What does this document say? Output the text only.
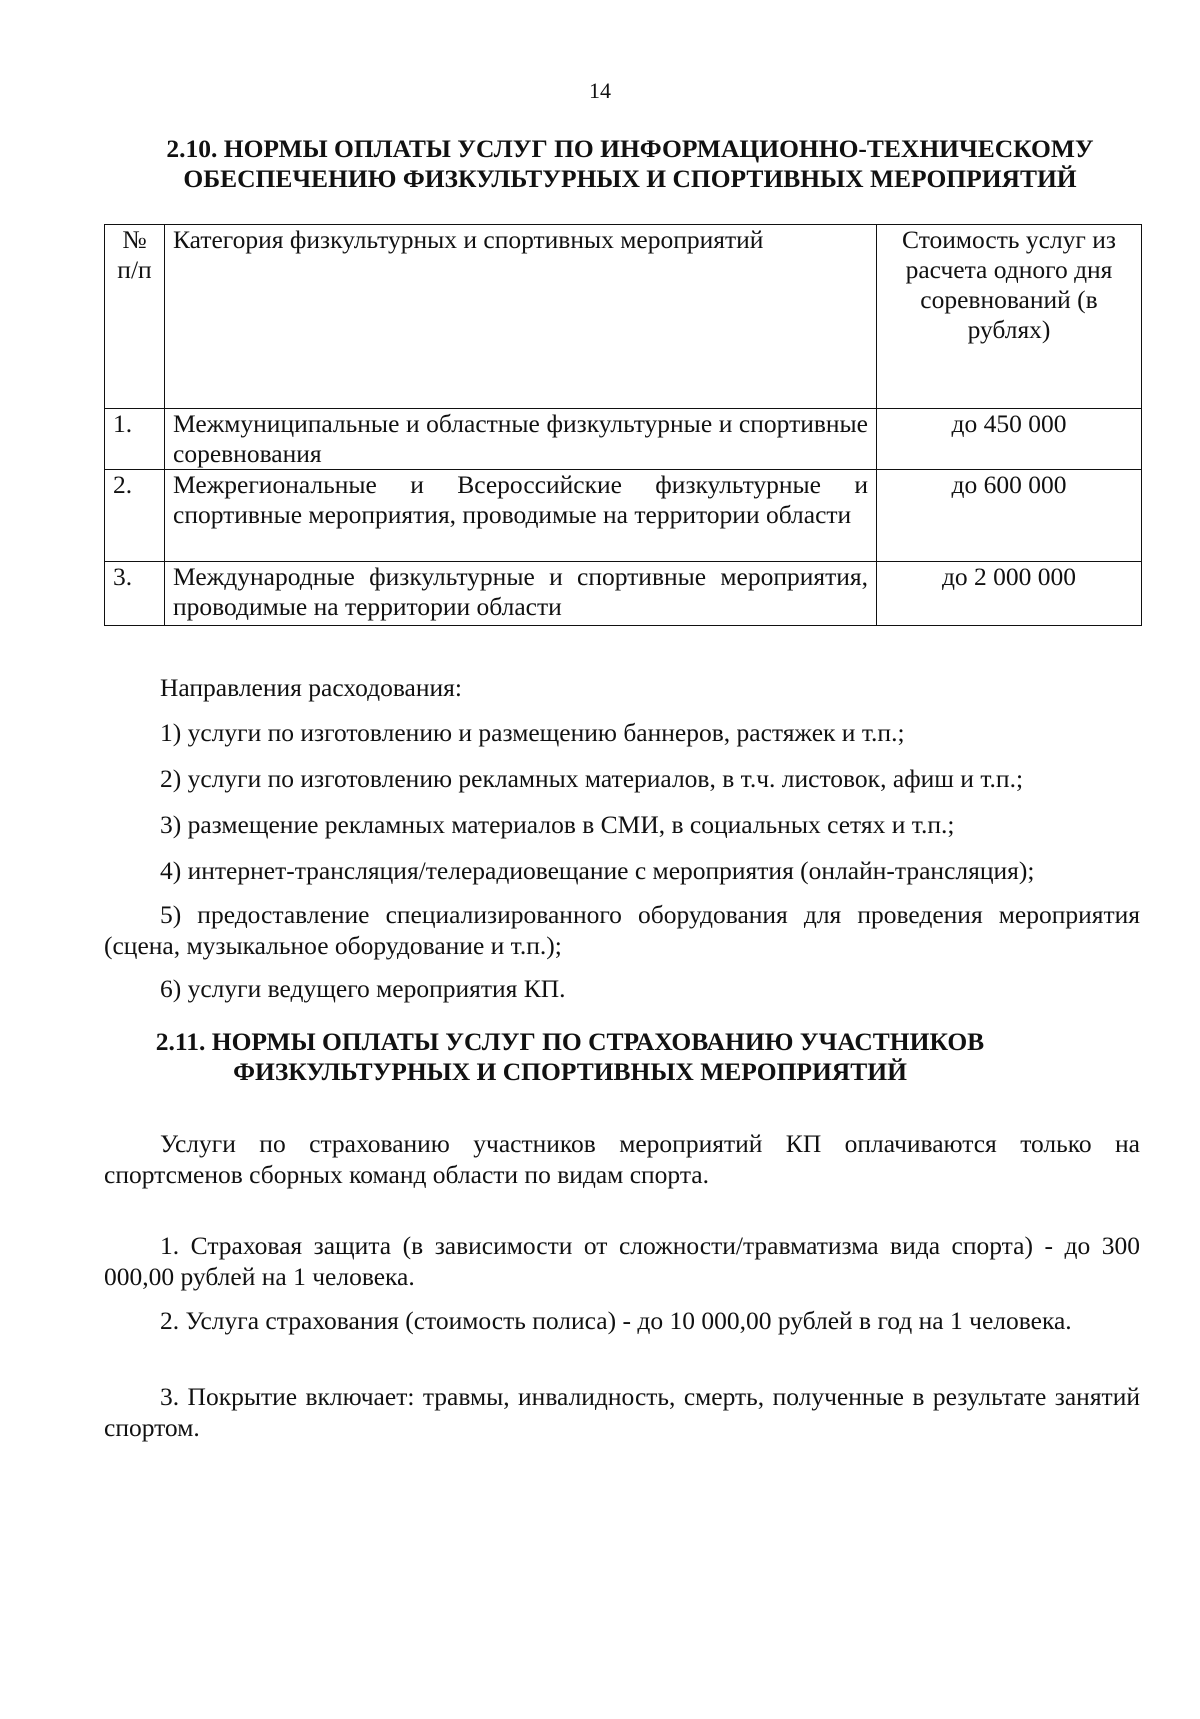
14
2.10. НОРМЫ ОПЛАТЫ УСЛУГ ПО ИНФОРМАЦИОННО-ТЕХНИЧЕСКОМУ
ОБЕСПЕЧЕНИЮ ФИЗКУЛЬТУРНЫХ И СПОРТИВНЫХ МЕРОПРИЯТИЙ
№ п/п	Категория физкультурных и спортивных мероприятий	Стоимость услуг из расчета одного дня соревнований (в рублях)
1.	Межмуниципальные и областные физкультурные и спортивные соревнования	до 450 000
2.	Межрегиональные и Всероссийские физкультурные и спортивные мероприятия, проводимые на территории области	до 600 000
3.	Международные физкультурные и спортивные мероприятия, проводимые на территории области	до 2 000 000
Направления расходования:
1) услуги по изготовлению и размещению баннеров, растяжек и т.п.;
2) услуги по изготовлению рекламных материалов, в т.ч. листовок, афиш и т.п.;
3) размещение рекламных материалов в СМИ, в социальных сетях и т.п.;
4) интернет-трансляция/телерадиовещание с мероприятия (онлайн-трансляция);
5) предоставление специализированного оборудования для проведения мероприятия (сцена, музыкальное оборудование и т.п.);
6) услуги ведущего мероприятия КП.
2.11. НОРМЫ ОПЛАТЫ УСЛУГ ПО СТРАХОВАНИЮ УЧАСТНИКОВ
ФИЗКУЛЬТУРНЫХ И СПОРТИВНЫХ МЕРОПРИЯТИЙ
Услуги по страхованию участников мероприятий КП оплачиваются только на спортсменов сборных команд области по видам спорта.
1. Страховая защита (в зависимости от сложности/травматизма вида спорта) - до 300 000,00 рублей на 1 человека.
2. Услуга страхования (стоимость полиса) - до 10 000,00 рублей в год на 1 человека.
3. Покрытие включает: травмы, инвалидность, смерть, полученные в результате занятий спортом.
